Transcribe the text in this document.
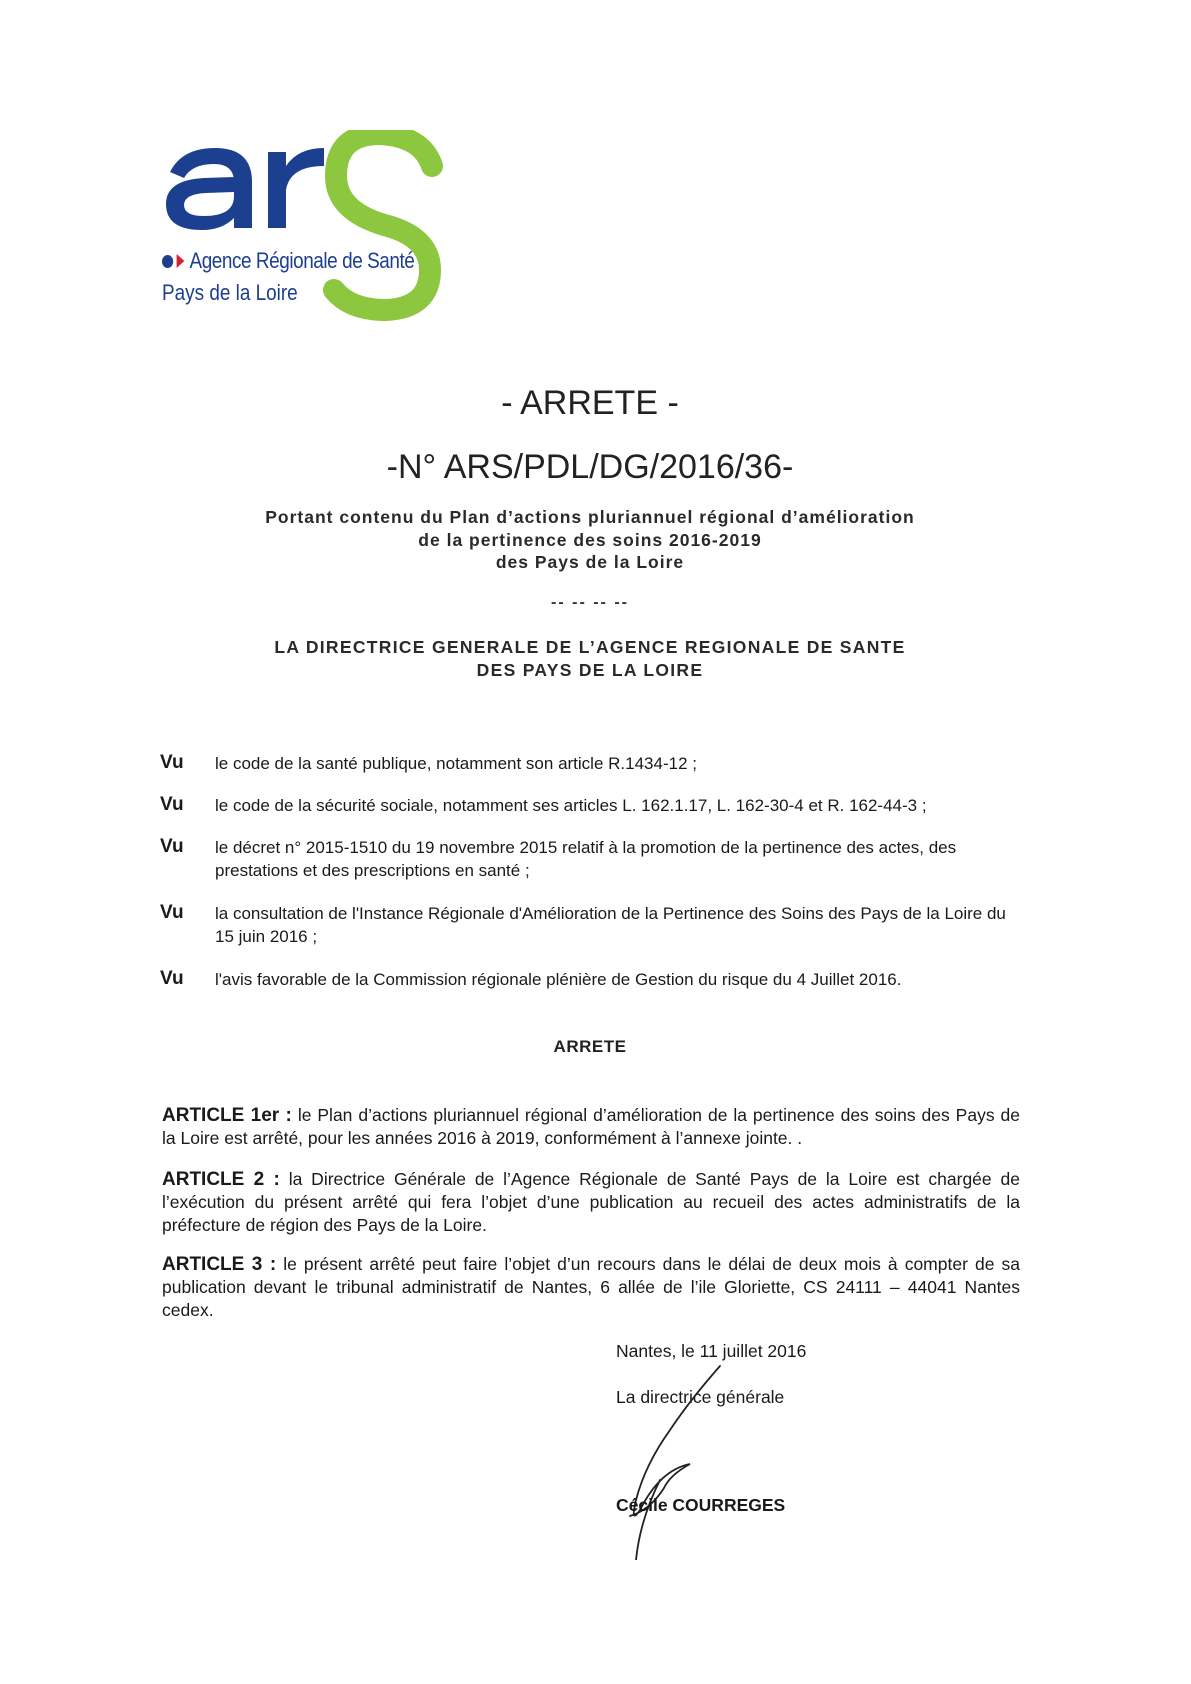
Agence Régionale de Santé
Pays de la Loire
- ARRETE -
-N° ARS/PDL/DG/2016/36-
Portant contenu du Plan d’actions pluriannuel régional d’amélioration
de la pertinence des soins 2016-2019
des Pays de la Loire
-- -- -- --
LA DIRECTRICE GENERALE DE L’AGENCE REGIONALE DE SANTE
DES PAYS DE LA LOIRE
Vu	le code de la santé publique, notamment son article R.1434-12 ;
Vu	le code de la sécurité sociale, notamment ses articles L. 162.1.17, L. 162-30-4 et R. 162-44-3 ;
Vu	le décret n° 2015-1510 du 19 novembre 2015 relatif à la promotion de la pertinence des actes, des prestations et des prescriptions en santé ;
Vu	la consultation de l'Instance Régionale d'Amélioration de la Pertinence des Soins des Pays de la Loire du 15 juin 2016 ;
Vu	l'avis favorable de la Commission régionale plénière de Gestion du risque du 4 Juillet 2016.
ARRETE
ARTICLE 1er : le Plan d’actions pluriannuel régional d’amélioration de la pertinence des soins des Pays de la Loire est arrêté, pour les années 2016 à 2019, conformément à l’annexe jointe. .
ARTICLE 2 : la Directrice Générale de l’Agence Régionale de Santé Pays de la Loire est chargée de l’exécution du présent arrêté qui fera l’objet d’une publication au recueil des actes administratifs de la préfecture de région des Pays de la Loire.
ARTICLE 3 : le présent arrêté peut faire l’objet d’un recours dans le délai de deux mois à compter de sa publication devant le tribunal administratif de Nantes, 6 allée de l’ile Gloriette, CS 24111 – 44041 Nantes cedex.
Nantes, le 11 juillet 2016
La directrice générale
Cécile COURREGES
